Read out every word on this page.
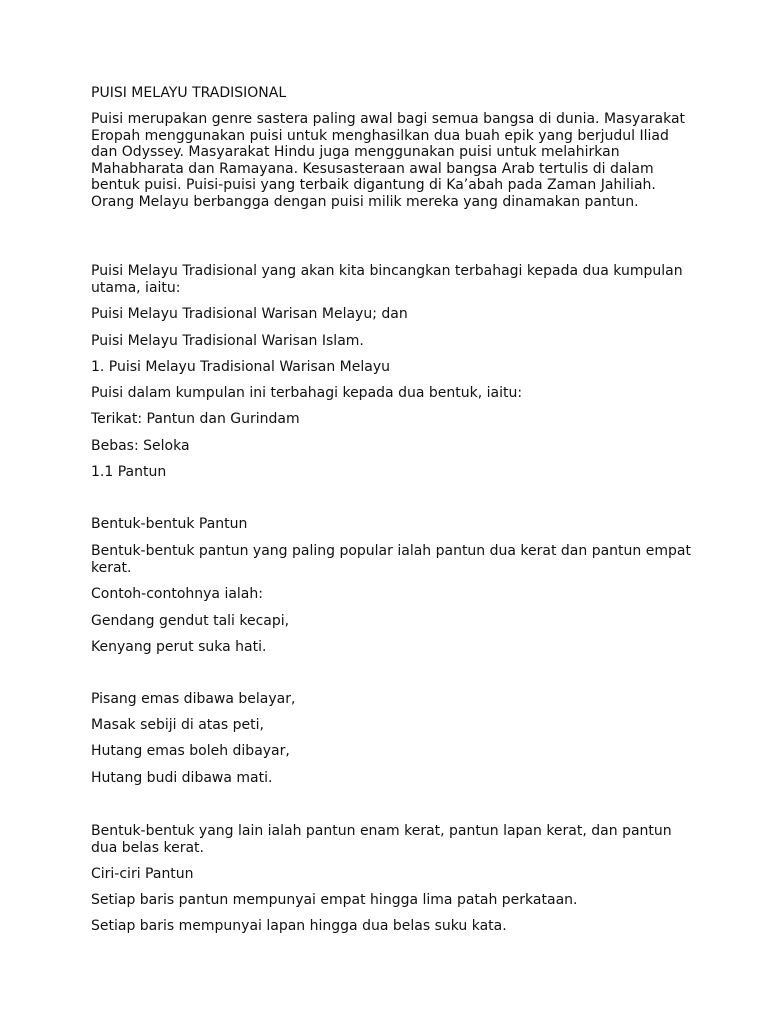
PUISI MELAYU TRADISIONAL

Puisi merupakan genre sastera paling awal bagi semua bangsa di dunia. Masyarakat Eropah menggunakan puisi untuk menghasilkan dua buah epik yang berjudul Iliad dan Odyssey. Masyarakat Hindu juga menggunakan puisi untuk melahirkan Mahabharata dan Ramayana. Kesusasteraan awal bangsa Arab tertulis di dalam bentuk puisi. Puisi-puisi yang terbaik digantung di Ka’abah pada Zaman Jahiliah. Orang Melayu berbangga dengan puisi milik mereka yang dinamakan pantun.

Puisi Melayu Tradisional yang akan kita bincangkan terbahagi kepada dua kumpulan utama, iaitu:

Puisi Melayu Tradisional Warisan Melayu; dan

Puisi Melayu Tradisional Warisan Islam.

1. Puisi Melayu Tradisional Warisan Melayu

Puisi dalam kumpulan ini terbahagi kepada dua bentuk, iaitu:

Terikat: Pantun dan Gurindam

Bebas: Seloka

1.1 Pantun

Bentuk-bentuk Pantun

Bentuk-bentuk pantun yang paling popular ialah pantun dua kerat dan pantun empat kerat.

Contoh-contohnya ialah:

Gendang gendut tali kecapi,

Kenyang perut suka hati.

Pisang emas dibawa belayar,

Masak sebiji di atas peti,

Hutang emas boleh dibayar,

Hutang budi dibawa mati.

Bentuk-bentuk yang lain ialah pantun enam kerat, pantun lapan kerat, dan pantun dua belas kerat.

Ciri-ciri Pantun

Setiap baris pantun mempunyai empat hingga lima patah perkataan.

Setiap baris mempunyai lapan hingga dua belas suku kata.
